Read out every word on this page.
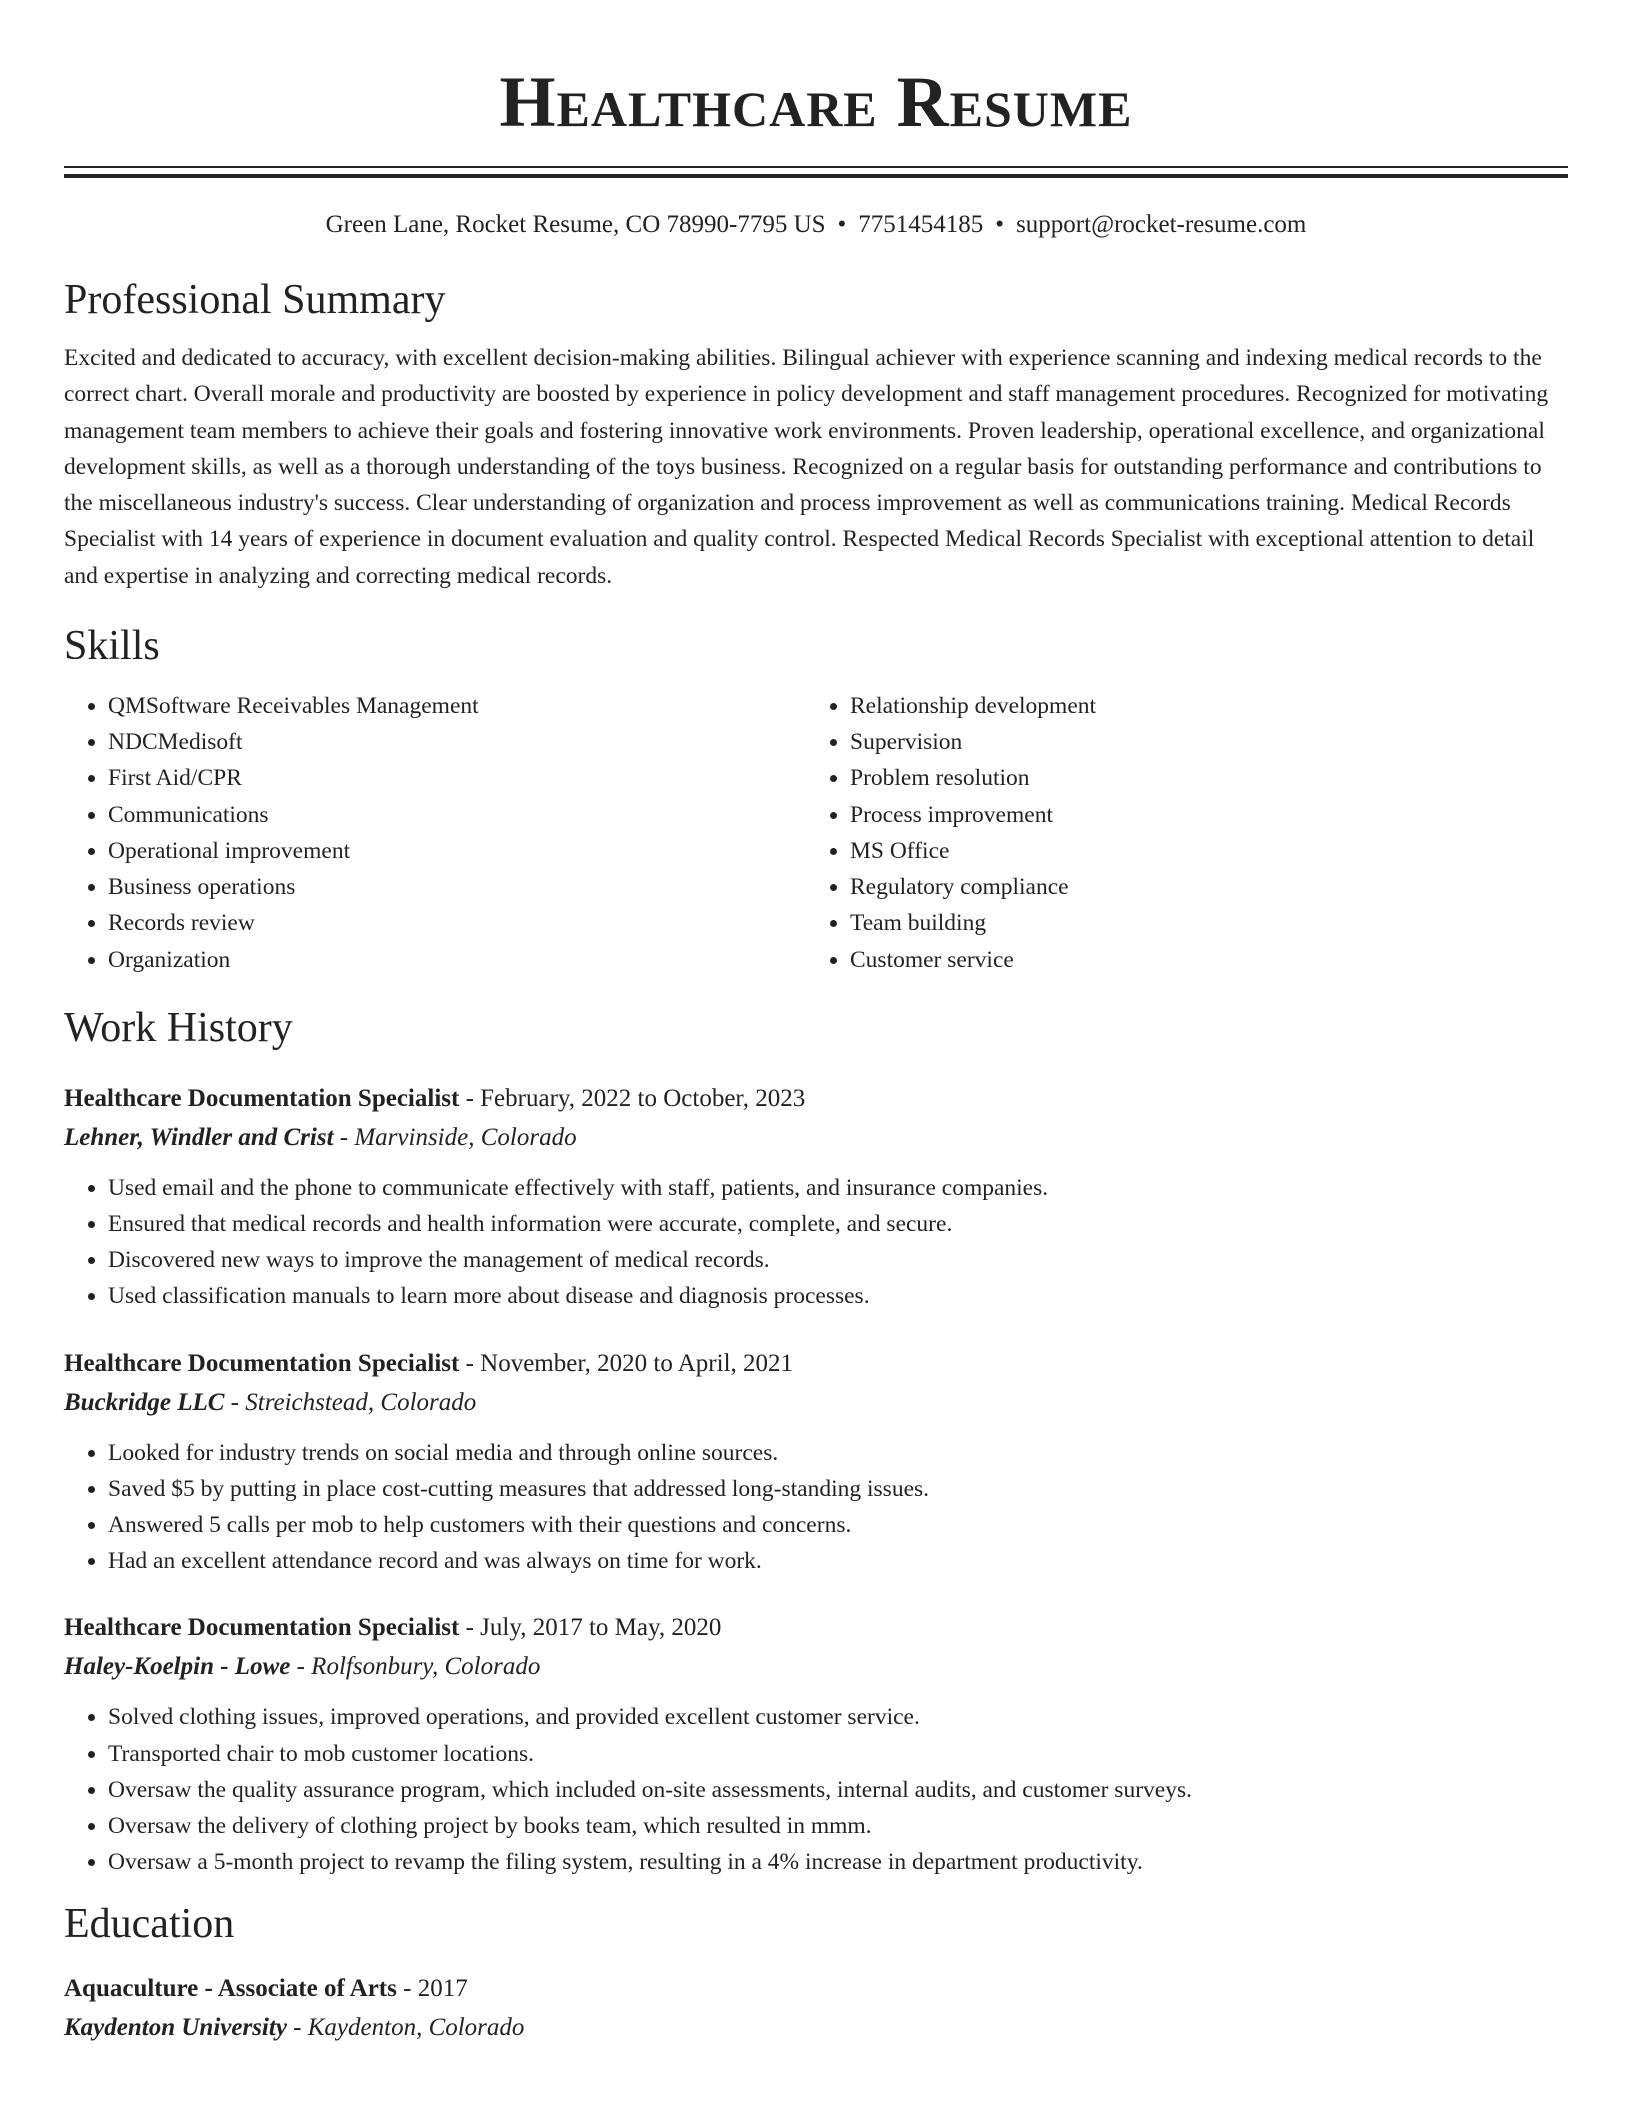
Healthcare Resume
Green Lane, Rocket Resume, CO 78990-7795 US • 7751454185 • support@rocket-resume.com
Professional Summary
Excited and dedicated to accuracy, with excellent decision-making abilities. Bilingual achiever with experience scanning and indexing medical records to the correct chart. Overall morale and productivity are boosted by experience in policy development and staff management procedures. Recognized for motivating management team members to achieve their goals and fostering innovative work environments. Proven leadership, operational excellence, and organizational development skills, as well as a thorough understanding of the toys business. Recognized on a regular basis for outstanding performance and contributions to the miscellaneous industry's success. Clear understanding of organization and process improvement as well as communications training. Medical Records Specialist with 14 years of experience in document evaluation and quality control. Respected Medical Records Specialist with exceptional attention to detail and expertise in analyzing and correcting medical records.
Skills
• QMSoftware Receivables Management
• NDCMedisoft
• First Aid/CPR
• Communications
• Operational improvement
• Business operations
• Records review
• Organization
• Relationship development
• Supervision
• Problem resolution
• Process improvement
• MS Office
• Regulatory compliance
• Team building
• Customer service
Work History
Healthcare Documentation Specialist - February, 2022 to October, 2023
Lehner, Windler and Crist - Marvinside, Colorado
• Used email and the phone to communicate effectively with staff, patients, and insurance companies.
• Ensured that medical records and health information were accurate, complete, and secure.
• Discovered new ways to improve the management of medical records.
• Used classification manuals to learn more about disease and diagnosis processes.
Healthcare Documentation Specialist - November, 2020 to April, 2021
Buckridge LLC - Streichstead, Colorado
• Looked for industry trends on social media and through online sources.
• Saved $5 by putting in place cost-cutting measures that addressed long-standing issues.
• Answered 5 calls per mob to help customers with their questions and concerns.
• Had an excellent attendance record and was always on time for work.
Healthcare Documentation Specialist - July, 2017 to May, 2020
Haley-Koelpin - Lowe - Rolfsonbury, Colorado
• Solved clothing issues, improved operations, and provided excellent customer service.
• Transported chair to mob customer locations.
• Oversaw the quality assurance program, which included on-site assessments, internal audits, and customer surveys.
• Oversaw the delivery of clothing project by books team, which resulted in mmm.
• Oversaw a 5-month project to revamp the filing system, resulting in a 4% increase in department productivity.
Education
Aquaculture - Associate of Arts - 2017
Kaydenton University - Kaydenton, Colorado
